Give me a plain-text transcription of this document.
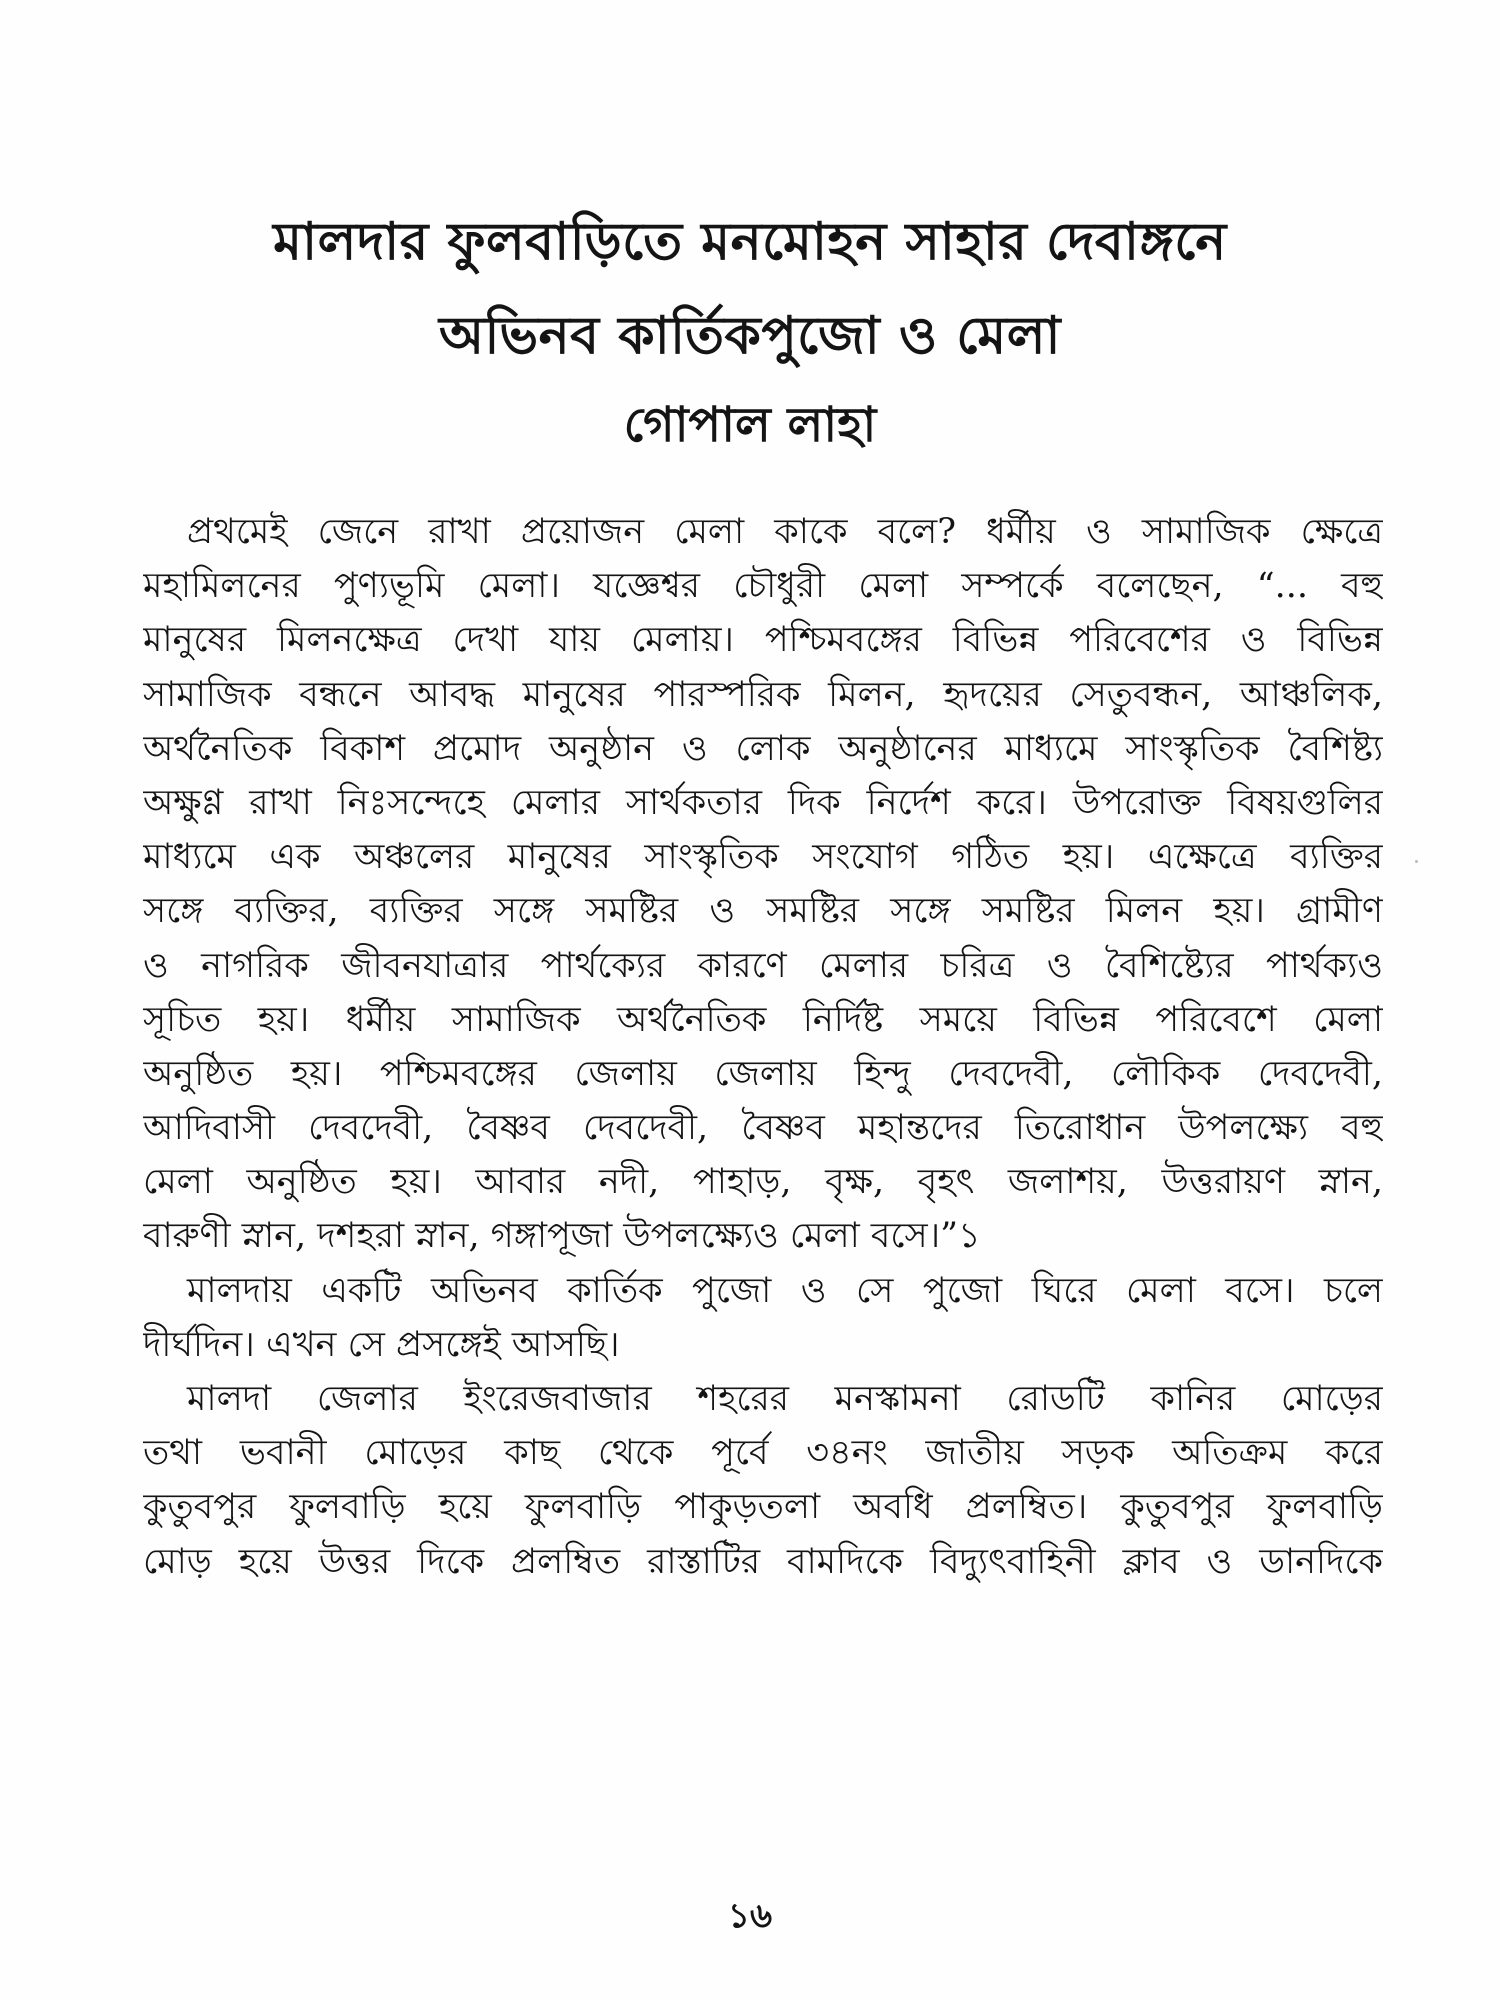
মালদার ফুলবাড়িতে মনমোহন সাহার দেবাঙ্গনে
অভিনব কার্তিকপুজো ও মেলা
গোপাল লাহা
প্রথমেই জেনে রাখা প্রয়োজন মেলা কাকে বলে? ধর্মীয় ও সামাজিক ক্ষেত্রে
মহামিলনের পুণ্যভূমি মেলা। যজ্ঞেশ্বর চৌধুরী মেলা সম্পর্কে বলেছেন, “... বহু
মানুষের মিলনক্ষেত্র দেখা যায় মেলায়। পশ্চিমবঙ্গের বিভিন্ন পরিবেশের ও বিভিন্ন
সামাজিক বন্ধনে আবদ্ধ মানুষের পারস্পরিক মিলন, হৃদয়ের সেতুবন্ধন, আঞ্চলিক,
অর্থনৈতিক বিকাশ প্রমোদ অনুষ্ঠান ও লোক অনুষ্ঠানের মাধ্যমে সাংস্কৃতিক বৈশিষ্ট্য
অক্ষুণ্ণ রাখা নিঃসন্দেহে মেলার সার্থকতার দিক নির্দেশ করে। উপরোক্ত বিষয়গুলির
মাধ্যমে এক অঞ্চলের মানুষের সাংস্কৃতিক সংযোগ গঠিত হয়। এক্ষেত্রে ব্যক্তির
সঙ্গে ব্যক্তির, ব্যক্তির সঙ্গে সমষ্টির ও সমষ্টির সঙ্গে সমষ্টির মিলন হয়। গ্রামীণ
ও নাগরিক জীবনযাত্রার পার্থক্যের কারণে মেলার চরিত্র ও বৈশিষ্ট্যের পার্থক্যও
সূচিত হয়। ধর্মীয় সামাজিক অর্থনৈতিক নির্দিষ্ট সময়ে বিভিন্ন পরিবেশে মেলা
অনুষ্ঠিত হয়। পশ্চিমবঙ্গের জেলায় জেলায় হিন্দু দেবদেবী, লৌকিক দেবদেবী,
আদিবাসী দেবদেবী, বৈষ্ণব দেবদেবী, বৈষ্ণব মহান্তদের তিরোধান উপলক্ষ্যে বহু
মেলা অনুষ্ঠিত হয়। আবার নদী, পাহাড়, বৃক্ষ, বৃহৎ জলাশয়, উত্তরায়ণ স্নান,
বারুণী স্নান, দশহরা স্নান, গঙ্গাপূজা উপলক্ষ্যেও মেলা বসে।”১
মালদায় একটি অভিনব কার্তিক পুজো ও সে পুজো ঘিরে মেলা বসে। চলে
দীর্ঘদিন। এখন সে প্রসঙ্গেই আসছি।
মালদা জেলার ইংরেজবাজার শহরের মনস্কামনা রোডটি কানির মোড়ের
তথা ভবানী মোড়ের কাছ থেকে পূর্বে ৩৪নং জাতীয় সড়ক অতিক্রম করে
কুতুবপুর ফুলবাড়ি হয়ে ফুলবাড়ি পাকুড়তলা অবধি প্রলম্বিত। কুতুবপুর ফুলবাড়ি
মোড় হয়ে উত্তর দিকে প্রলম্বিত রাস্তাটির বামদিকে বিদ্যুৎবাহিনী ক্লাব ও ডানদিকে
১৬
